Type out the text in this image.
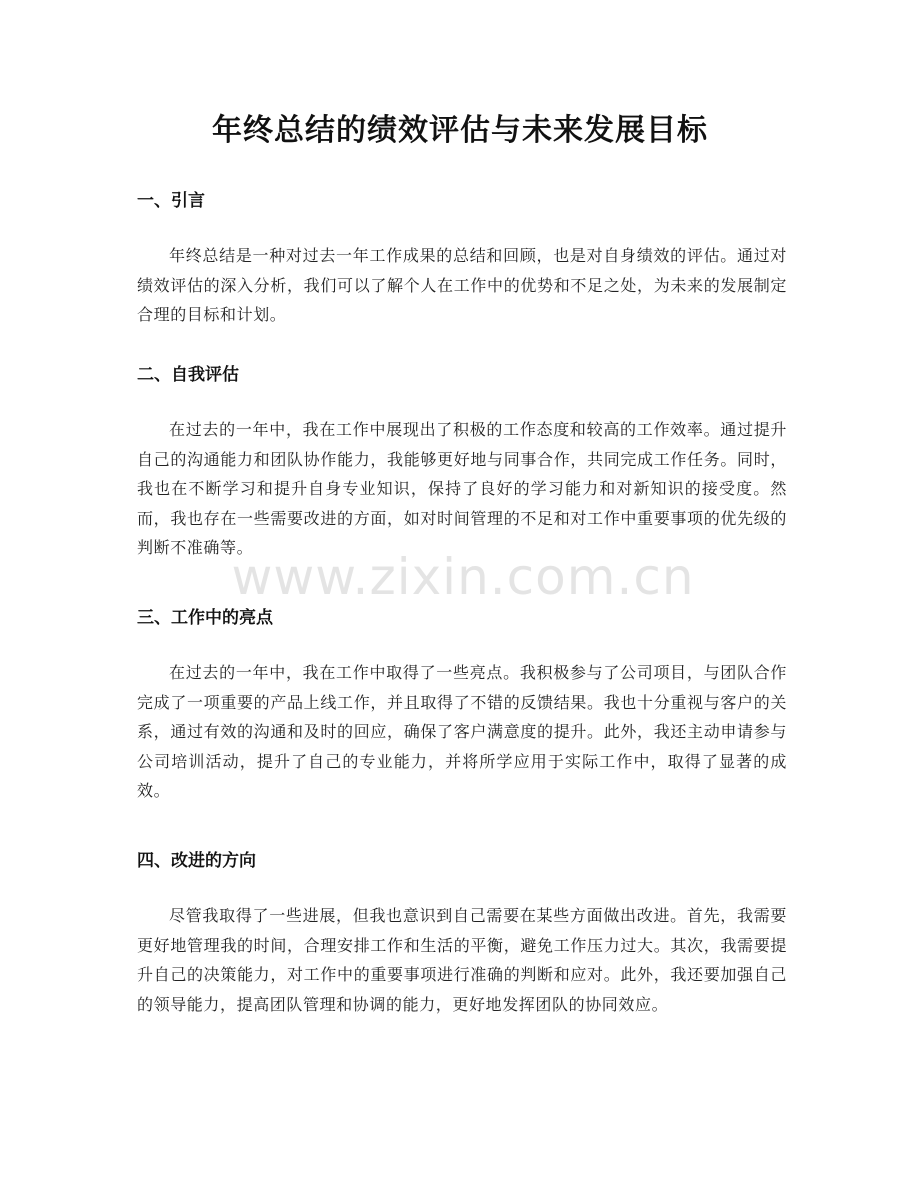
年终总结的绩效评估与未来发展目标
一、引言

年终总结是一种对过去一年工作成果的总结和回顾，也是对自身绩效的评估。通过对绩效评估的深入分析，我们可以了解个人在工作中的优势和不足之处，为未来的发展制定合理的目标和计划。

二、自我评估

在过去的一年中，我在工作中展现出了积极的工作态度和较高的工作效率。通过提升自己的沟通能力和团队协作能力，我能够更好地与同事合作，共同完成工作任务。同时，我也在不断学习和提升自身专业知识，保持了良好的学习能力和对新知识的接受度。然而，我也存在一些需要改进的方面，如对时间管理的不足和对工作中重要事项的优先级的判断不准确等。

三、工作中的亮点

在过去的一年中，我在工作中取得了一些亮点。我积极参与了公司项目，与团队合作完成了一项重要的产品上线工作，并且取得了不错的反馈结果。我也十分重视与客户的关系，通过有效的沟通和及时的回应，确保了客户满意度的提升。此外，我还主动申请参与公司培训活动，提升了自己的专业能力，并将所学应用于实际工作中，取得了显著的成效。

四、改进的方向

尽管我取得了一些进展，但我也意识到自己需要在某些方面做出改进。首先，我需要更好地管理我的时间，合理安排工作和生活的平衡，避免工作压力过大。其次，我需要提升自己的决策能力，对工作中的重要事项进行准确的判断和应对。此外，我还要加强自己的领导能力，提高团队管理和协调的能力，更好地发挥团队的协同效应。

www.zixin.com.cn
